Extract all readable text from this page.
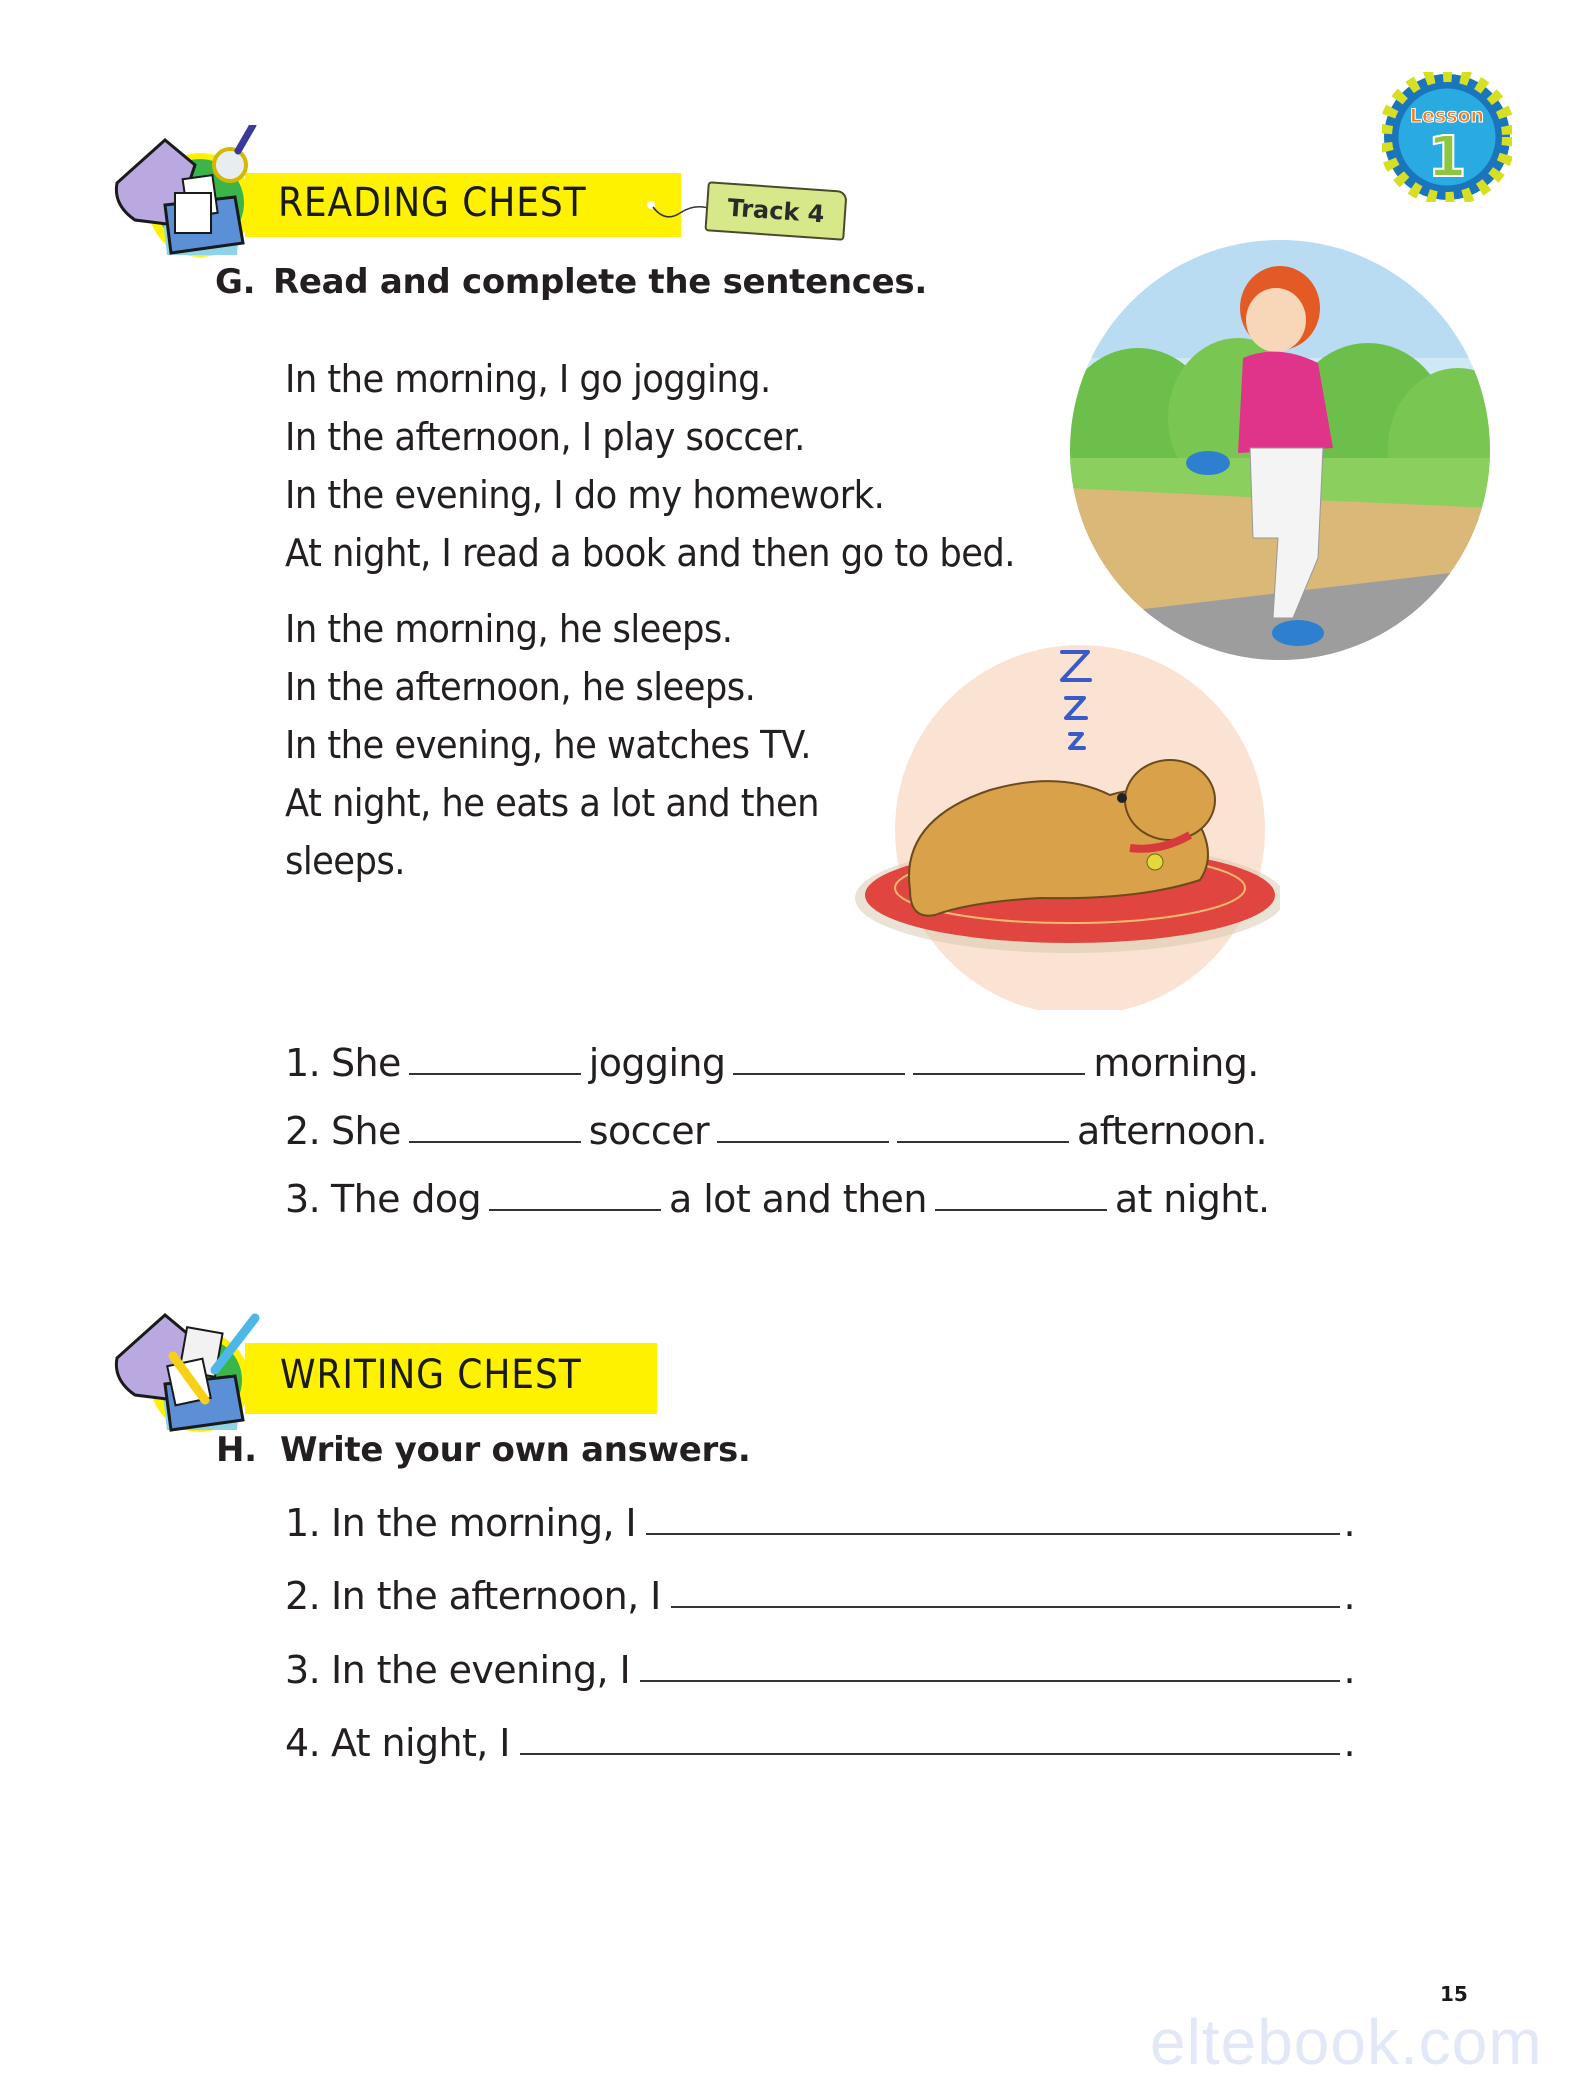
Lesson
1
READING CHEST	Track 4
G. Read and complete the sentences.
In the morning, I go jogging.
In the afternoon, I play soccer.
In the evening, I do my homework.
At night, I read a book and then go to bed.
In the morning, he sleeps.
In the afternoon, he sleeps.
In the evening, he watches TV.
At night, he eats a lot and then
sleeps.
1. She	jogging	morning.
2. She	soccer	afternoon.
3. The dog	a lot and then	at night.
WRITING CHEST
H. Write your own answers.
1. In the morning, I	.
2. In the afternoon, I	.
3. In the evening, I	.
4. At night, I	.
15
eltebook.com
